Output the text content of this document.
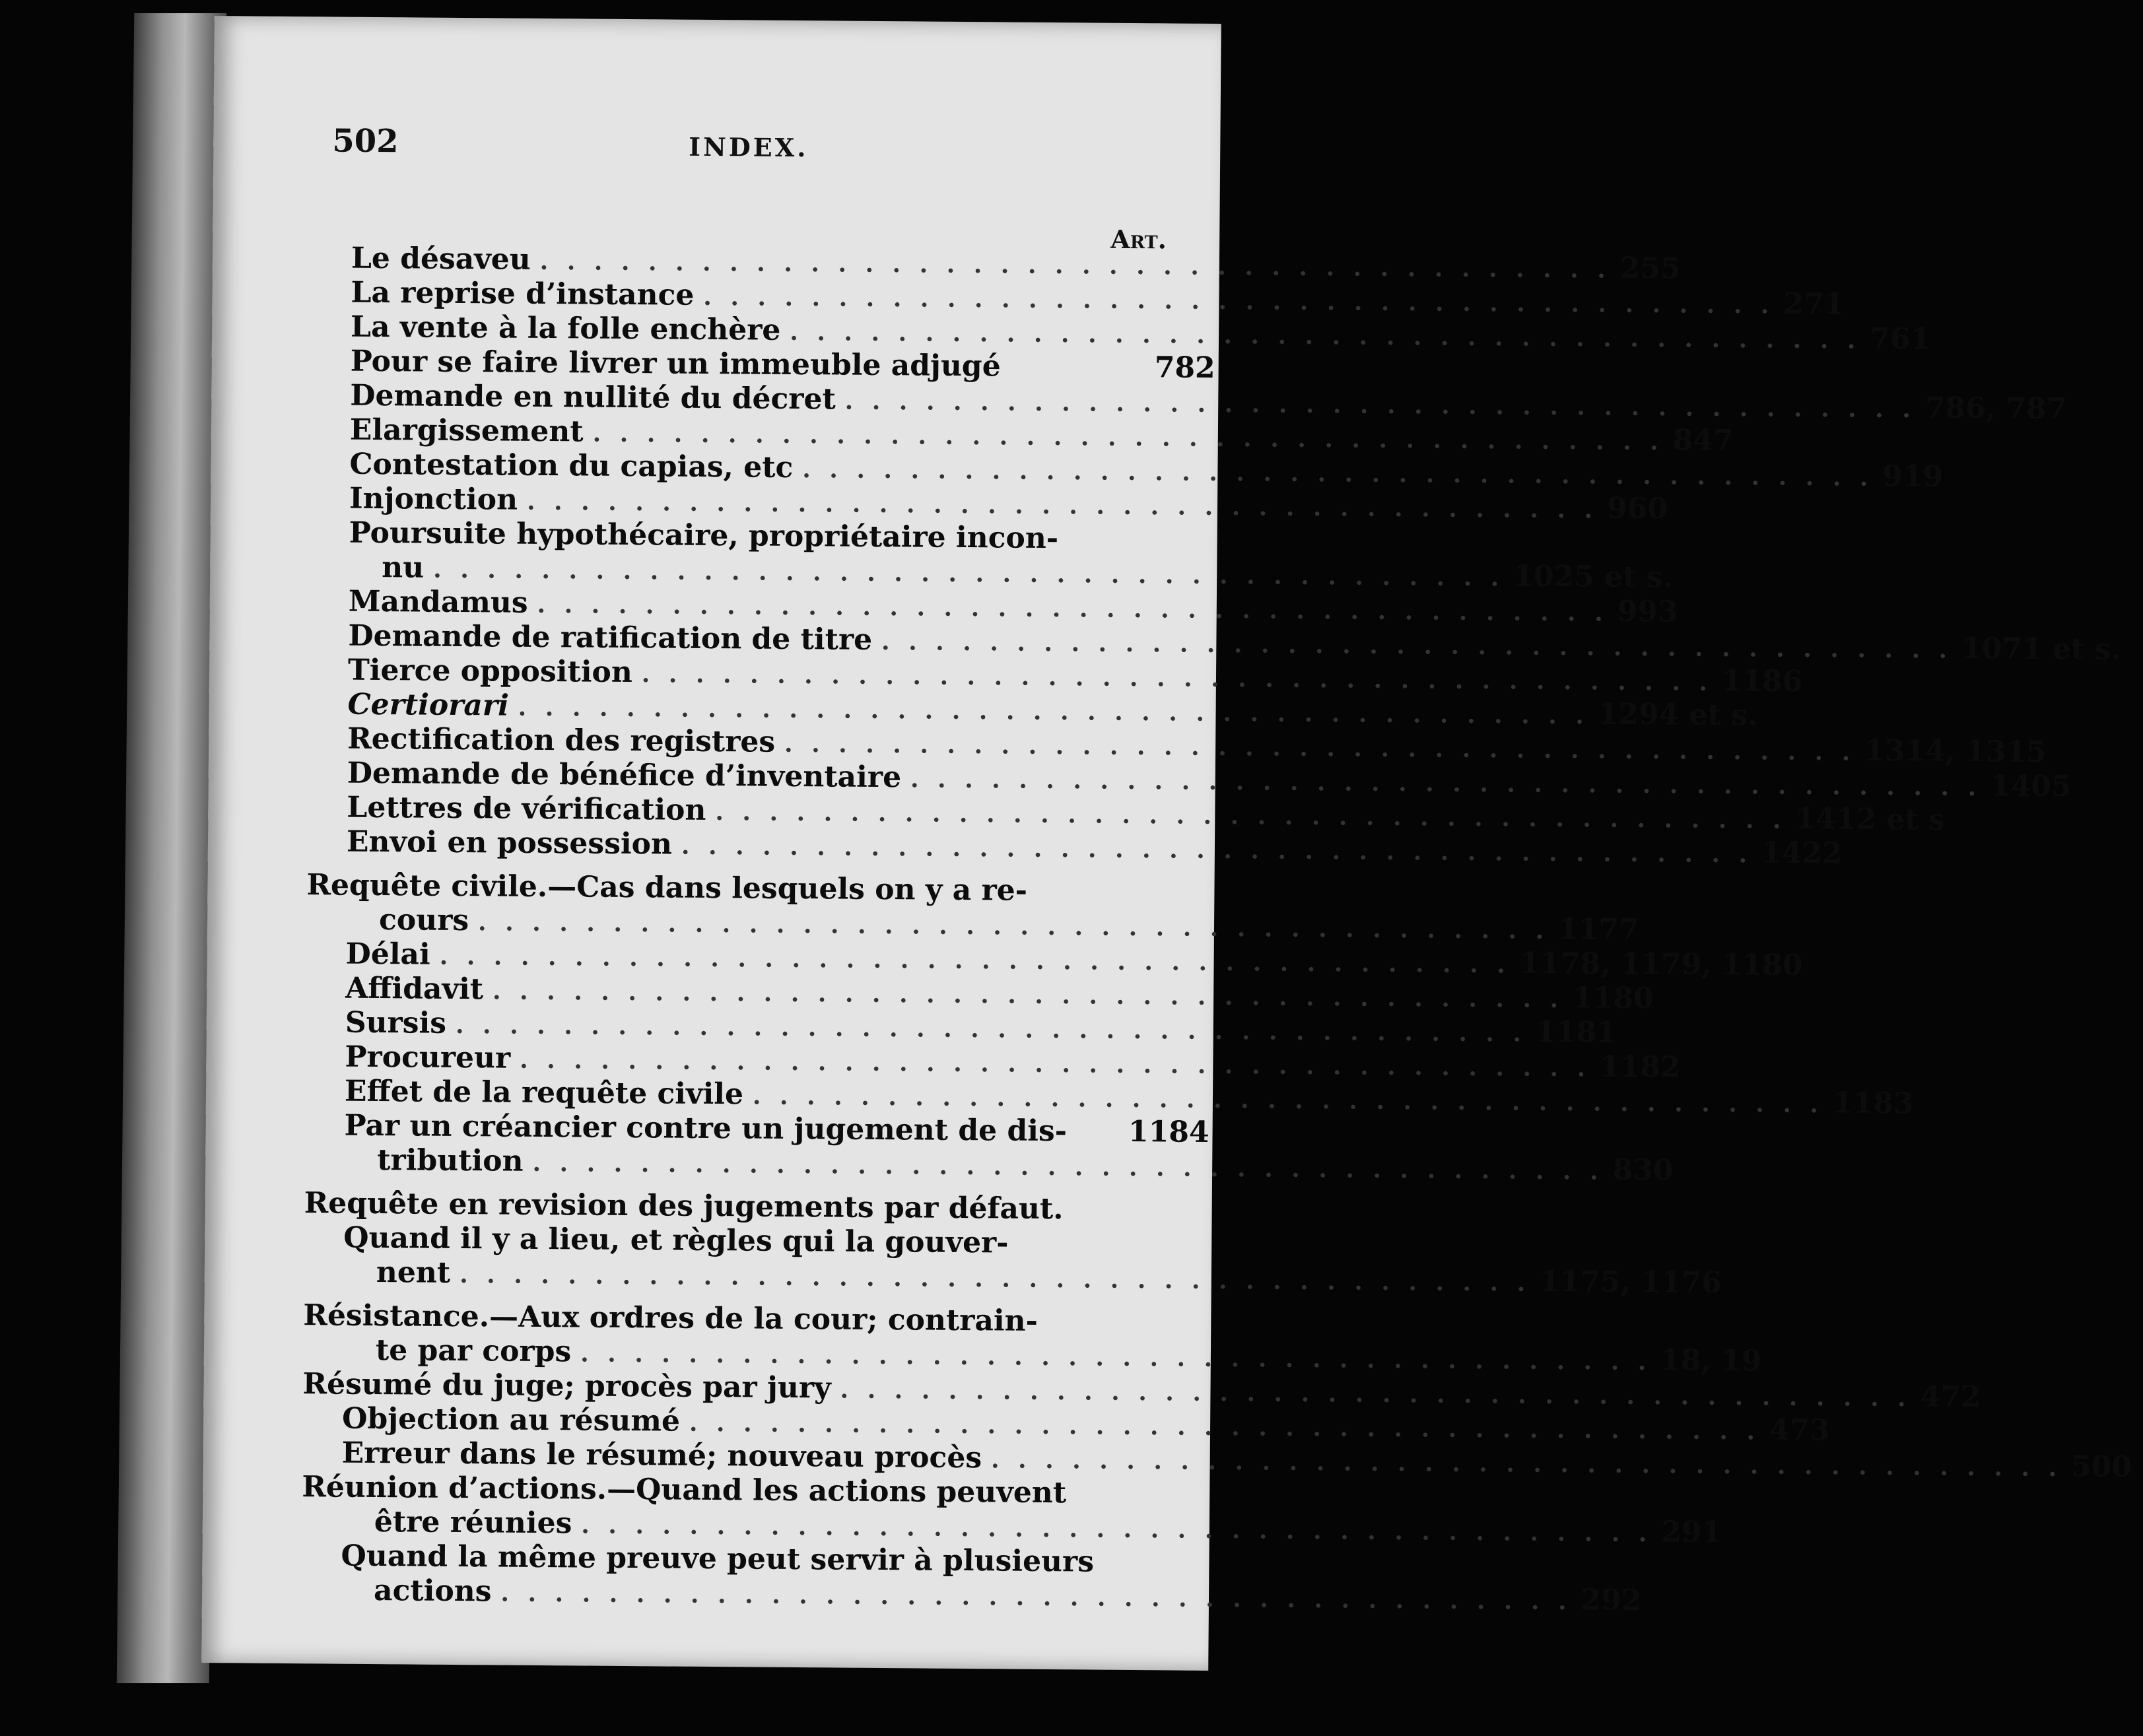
502	INDEX.
Art.
Le désaveu . . . . . . . . . . . . . . . . . . . . . . . . . . . . . . . . . . . . . . . . 255
La reprise d’instance . . . . . . . . . . . . . . . . . . . . . . . . . . . . . . . . . . . . . . . . 271
La vente à la folle enchère . . . . . . . . . . . . . . . . . . . . . . . . . . . . . . . . . . . . . . . . 761
Pour se faire livrer un immeuble adjugé	782
Demande en nullité du décret . . . . . . . . . . . . . . . . . . . . . . . . . . . . . . . . . . . . . . . . 786, 787
Elargissement . . . . . . . . . . . . . . . . . . . . . . . . . . . . . . . . . . . . . . . . 847
Contestation du capias, etc . . . . . . . . . . . . . . . . . . . . . . . . . . . . . . . . . . . . . . . . 919
Injonction . . . . . . . . . . . . . . . . . . . . . . . . . . . . . . . . . . . . . . . . 960
Poursuite hypothécaire, propriétaire incon-
nu . . . . . . . . . . . . . . . . . . . . . . . . . . . . . . . . . . . . . . . . 1025 et s.
Mandamus . . . . . . . . . . . . . . . . . . . . . . . . . . . . . . . . . . . . . . . . 993
Demande de ratification de titre . . . . . . . . . . . . . . . . . . . . . . . . . . . . . . . . . . . . . . . . 1071 et s.
Tierce opposition . . . . . . . . . . . . . . . . . . . . . . . . . . . . . . . . . . . . . . . . 1186
Certiorari . . . . . . . . . . . . . . . . . . . . . . . . . . . . . . . . . . . . . . . . 1294 et s.
Rectification des registres . . . . . . . . . . . . . . . . . . . . . . . . . . . . . . . . . . . . . . . . 1314, 1315
Demande de bénéfice d’inventaire . . . . . . . . . . . . . . . . . . . . . . . . . . . . . . . . . . . . . . . . 1405
Lettres de vérification . . . . . . . . . . . . . . . . . . . . . . . . . . . . . . . . . . . . . . . . 1412 et s
Envoi en possession . . . . . . . . . . . . . . . . . . . . . . . . . . . . . . . . . . . . . . . . 1422
Requête civile.—Cas dans lesquels on y a re-
cours . . . . . . . . . . . . . . . . . . . . . . . . . . . . . . . . . . . . . . . . 1177
Délai . . . . . . . . . . . . . . . . . . . . . . . . . . . . . . . . . . . . . . . . 1178, 1179, 1180
Affidavit . . . . . . . . . . . . . . . . . . . . . . . . . . . . . . . . . . . . . . . . 1180
Sursis . . . . . . . . . . . . . . . . . . . . . . . . . . . . . . . . . . . . . . . . 1181
Procureur . . . . . . . . . . . . . . . . . . . . . . . . . . . . . . . . . . . . . . . . 1182
Effet de la requête civile . . . . . . . . . . . . . . . . . . . . . . . . . . . . . . . . . . . . . . . . 1183
Par un créancier contre un jugement de dis- 1184
tribution . . . . . . . . . . . . . . . . . . . . . . . . . . . . . . . . . . . . . . . . 830
Requête en revision des jugements par défaut.
Quand il y a lieu, et règles qui la gouver-
nent . . . . . . . . . . . . . . . . . . . . . . . . . . . . . . . . . . . . . . . . 1175, 1176
Résistance.—Aux ordres de la cour; contrain-
te par corps . . . . . . . . . . . . . . . . . . . . . . . . . . . . . . . . . . . . . . . . 18, 19
Résumé du juge; procès par jury . . . . . . . . . . . . . . . . . . . . . . . . . . . . . . . . . . . . . . . . 472
Objection au résumé . . . . . . . . . . . . . . . . . . . . . . . . . . . . . . . . . . . . . . . . 473
Erreur dans le résumé; nouveau procès . . . . . . . . . . . . . . . . . . . . . . . . . . . . . . . . . . . . . . . . 500
Réunion d’actions.—Quand les actions peuvent
être réunies . . . . . . . . . . . . . . . . . . . . . . . . . . . . . . . . . . . . . . . . 291
Quand la même preuve peut servir à plusieurs
actions . . . . . . . . . . . . . . . . . . . . . . . . . . . . . . . . . . . . . . . . 292
